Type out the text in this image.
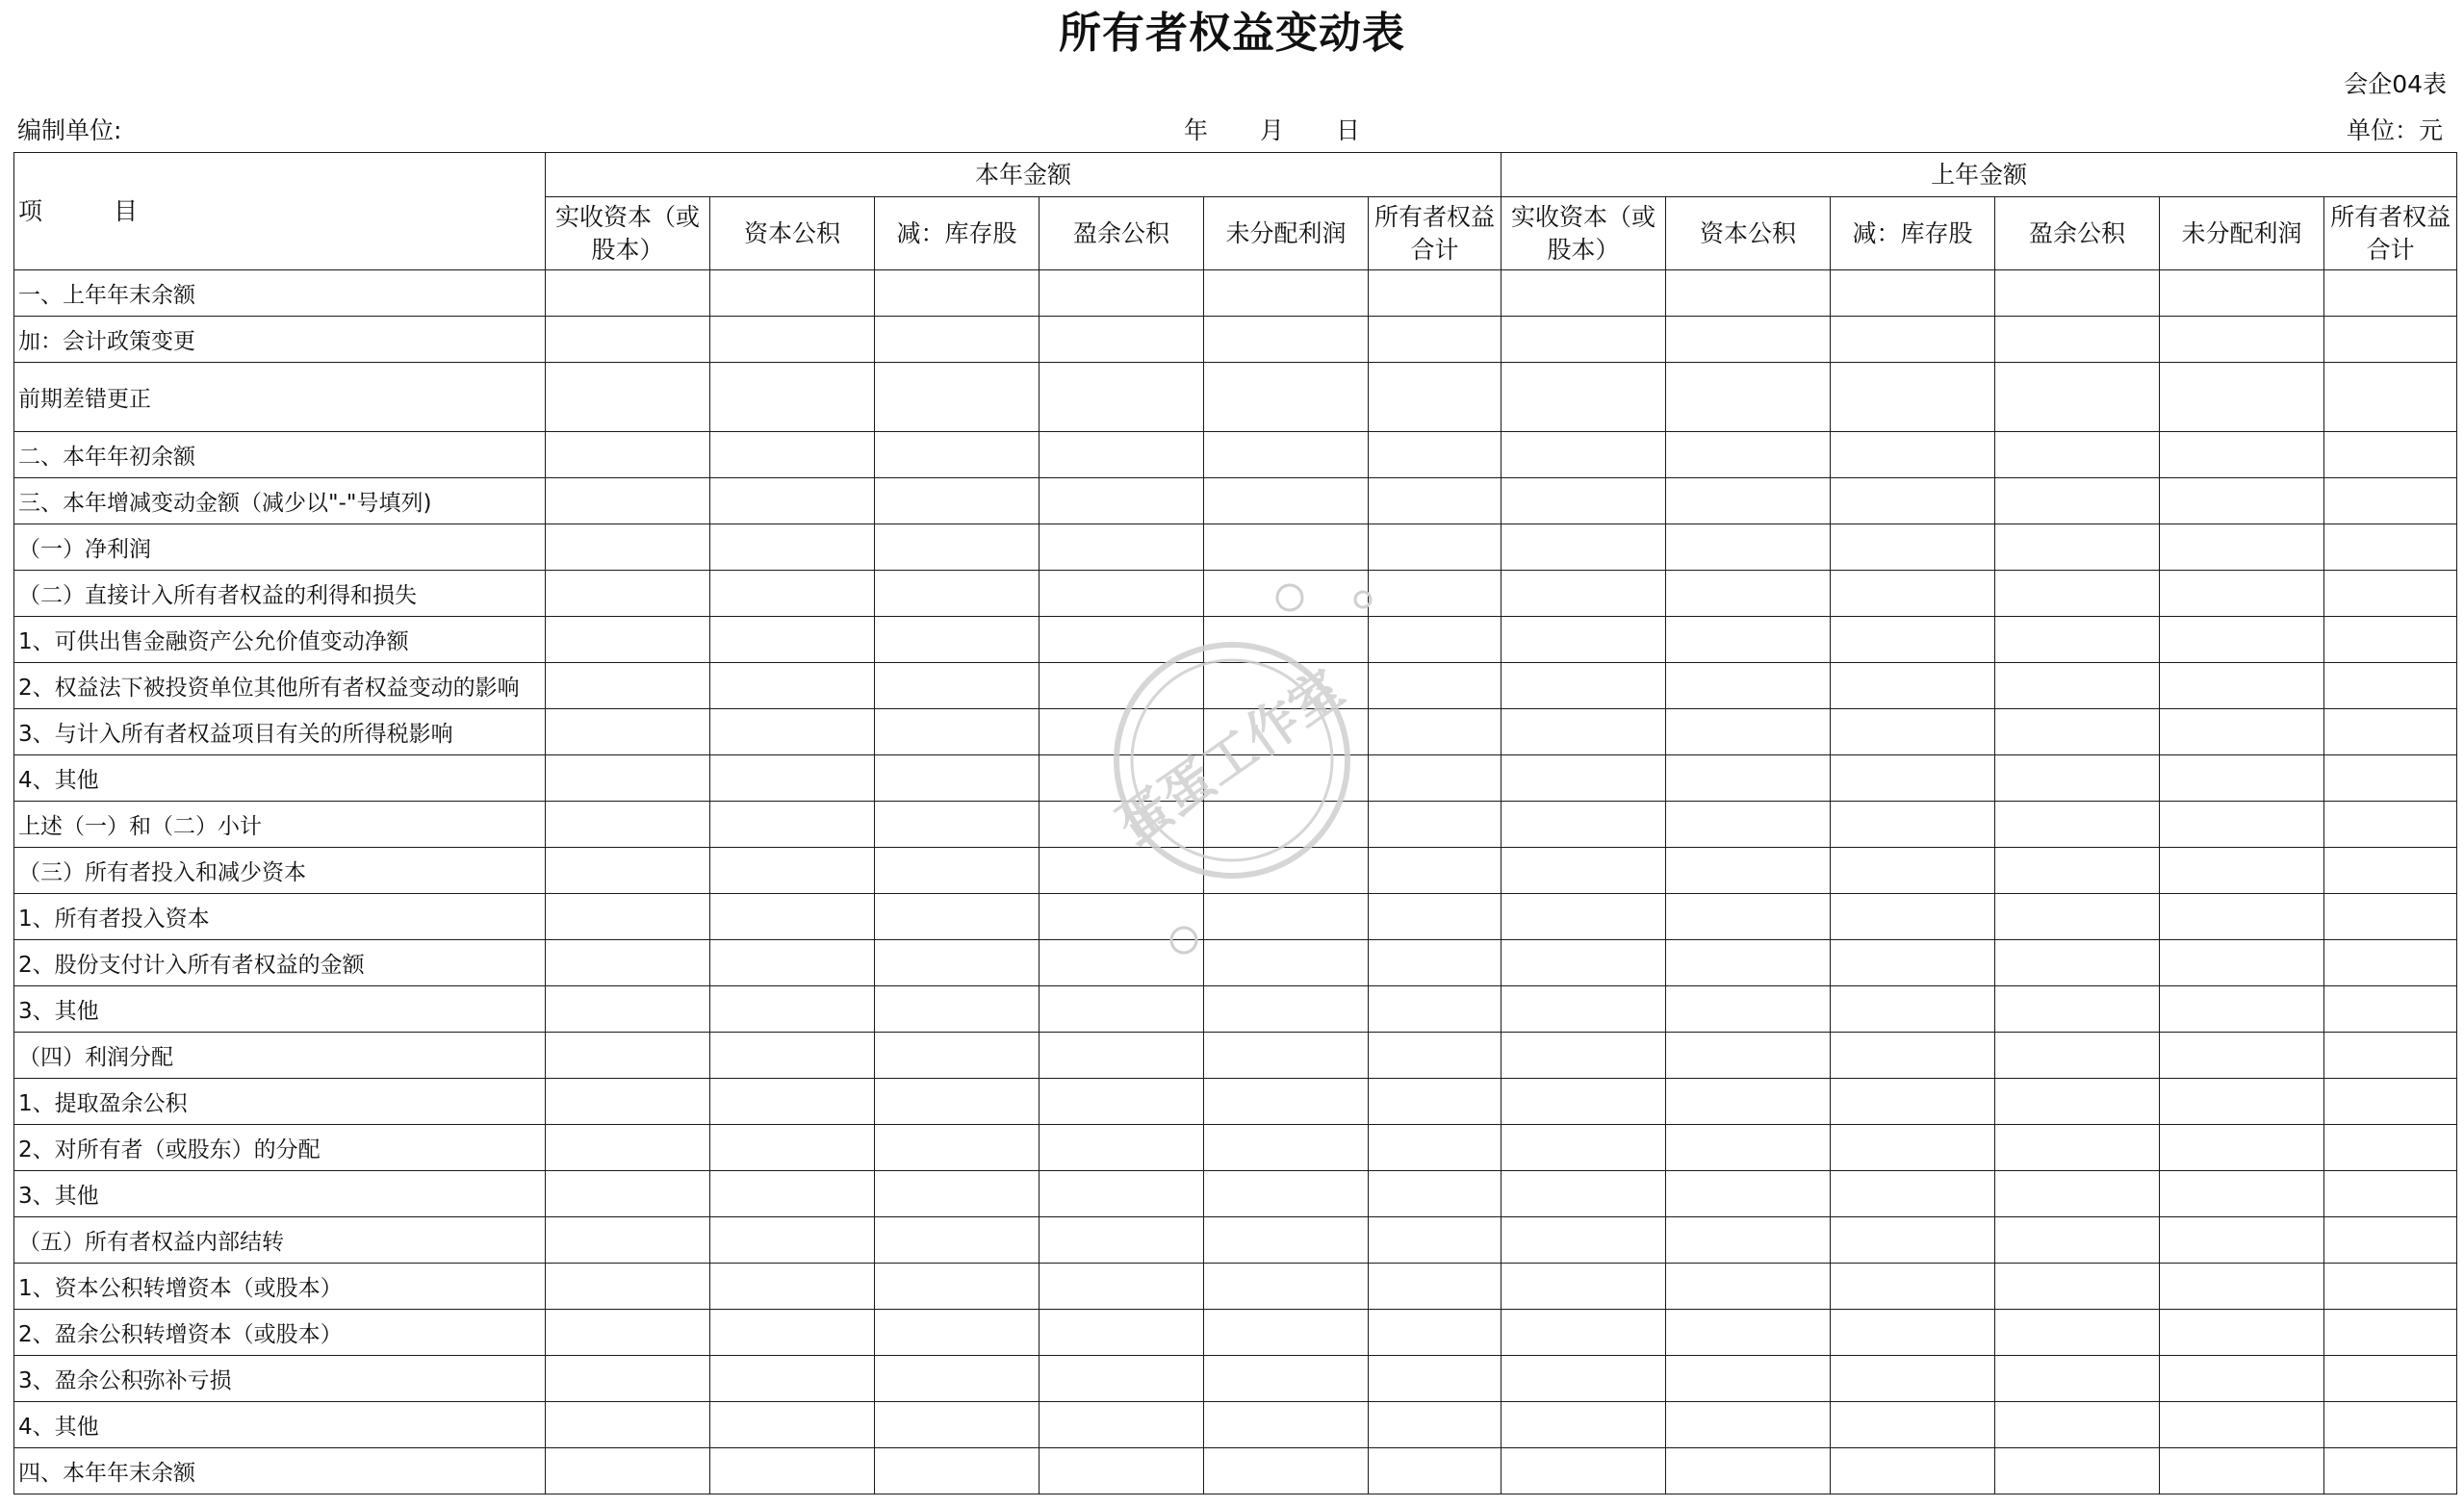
所有者权益变动表
会企04表
编制单位:	年 月 日	单位：元
项 目	本年金额						上年金额					
	实收资本（或股本）	资本公积	减：库存股	盈余公积	未分配利润	所有者权益合计	实收资本（或股本）	资本公积	减：库存股	盈余公积	未分配利润	所有者权益合计
一、上年年末余额												
加：会计政策变更												
前期差错更正												
二、本年年初余额												
三、本年增减变动金额（减少以"-"号填列)												
（一）净利润												
（二）直接计入所有者权益的利得和损失												
1、可供出售金融资产公允价值变动净额												
2、权益法下被投资单位其他所有者权益变动的影响												
3、与计入所有者权益项目有关的所得税影响												
4、其他												
上述（一）和（二）小计												
（三）所有者投入和减少资本												
1、所有者投入资本												
2、股份支付计入所有者权益的金额												
3、其他												
（四）利润分配												
1、提取盈余公积												
2、对所有者（或股东）的分配												
3、其他												
（五）所有者权益内部结转												
1、资本公积转增资本（或股本）												
2、盈余公积转增资本（或股本）												
3、盈余公积弥补亏损												
4、其他												
四、本年年末余额												
蛋蛋工作室
